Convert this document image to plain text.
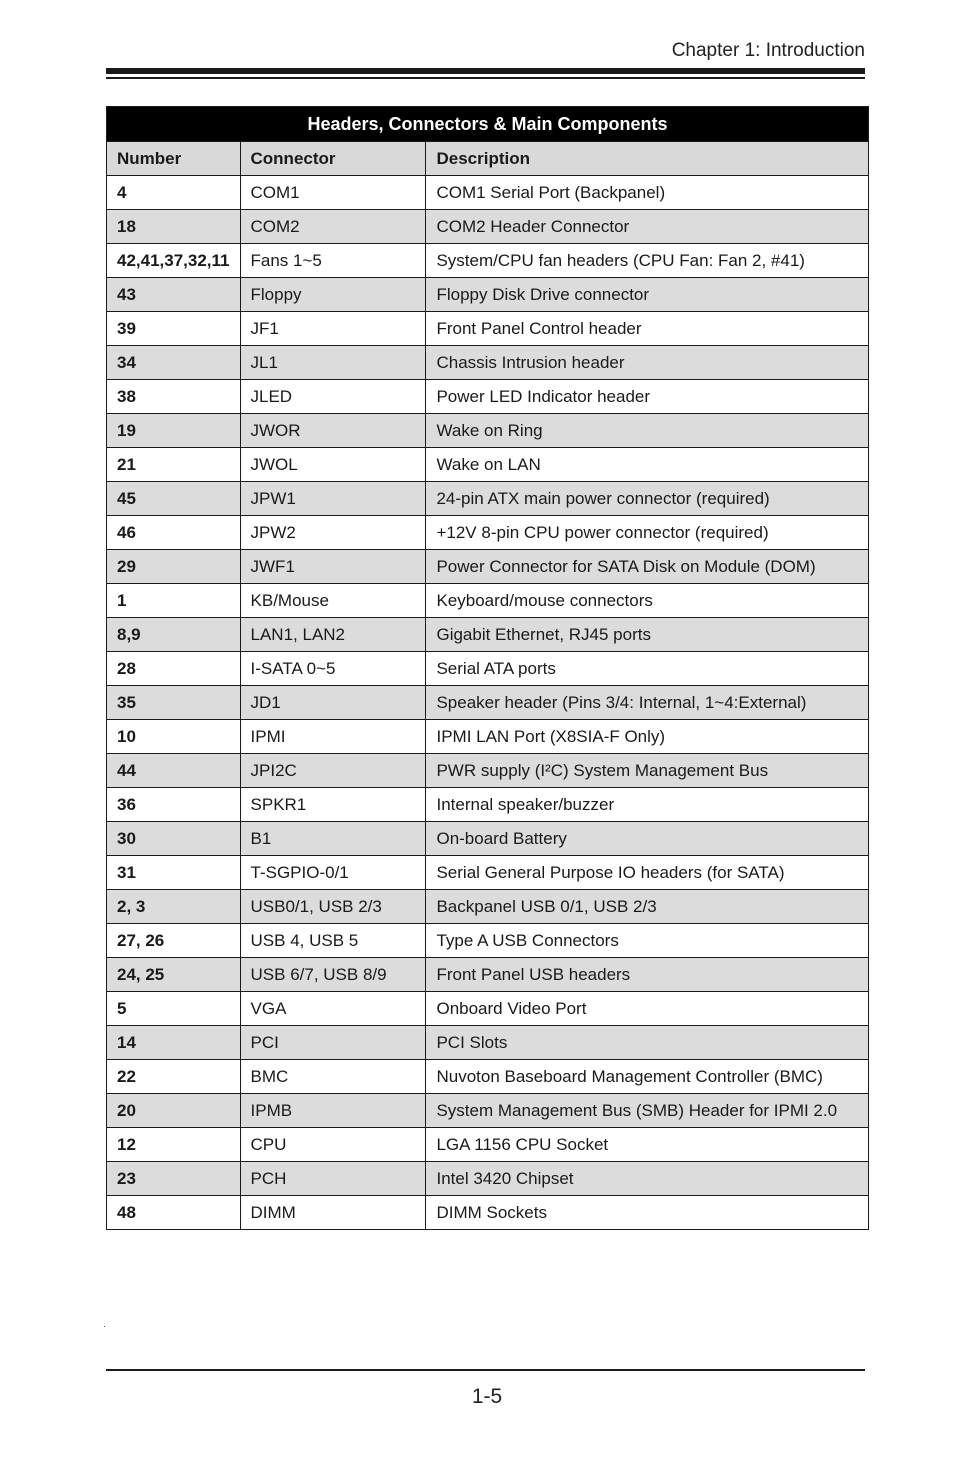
Chapter 1: Introduction
Headers, Connectors & Main Components		
Number	Connector	Description
4	COM1	COM1 Serial Port (Backpanel)
18	COM2	COM2 Header Connector
42,41,37,32,11	Fans 1~5	System/CPU fan headers (CPU Fan: Fan 2, #41)
43	Floppy	Floppy Disk Drive connector
39	JF1	Front Panel Control header
34	JL1	Chassis Intrusion header
38	JLED	Power LED Indicator header
19	JWOR	Wake on Ring
21	JWOL	Wake on LAN
45	JPW1	24-pin ATX main power connector (required)
46	JPW2	+12V 8-pin CPU power connector (required)
29	JWF1	Power Connector for SATA Disk on Module (DOM)
1	KB/Mouse	Keyboard/mouse connectors
8,9	LAN1, LAN2	Gigabit Ethernet, RJ45 ports
28	I-SATA 0~5	Serial ATA ports
35	JD1	Speaker header (Pins 3/4: Internal, 1~4:External)
10	IPMI	IPMI LAN Port (X8SIA-F Only)
44	JPI2C	PWR supply (I²C) System Management Bus
36	SPKR1	Internal speaker/buzzer
30	B1	On-board Battery
31	T-SGPIO-0/1	Serial General Purpose IO headers (for SATA)
2, 3	USB0/1, USB 2/3	Backpanel USB 0/1, USB 2/3
27, 26	USB 4, USB 5	Type A USB Connectors
24, 25	USB 6/7, USB 8/9	Front Panel USB headers
5	VGA	Onboard Video Port
14	PCI	PCI Slots
22	BMC	Nuvoton Baseboard Management Controller (BMC)
20	IPMB	System Management Bus (SMB) Header for IPMI 2.0
12	CPU	LGA 1156 CPU Socket
23	PCH	Intel 3420 Chipset
48	DIMM	DIMM Sockets
1-5
